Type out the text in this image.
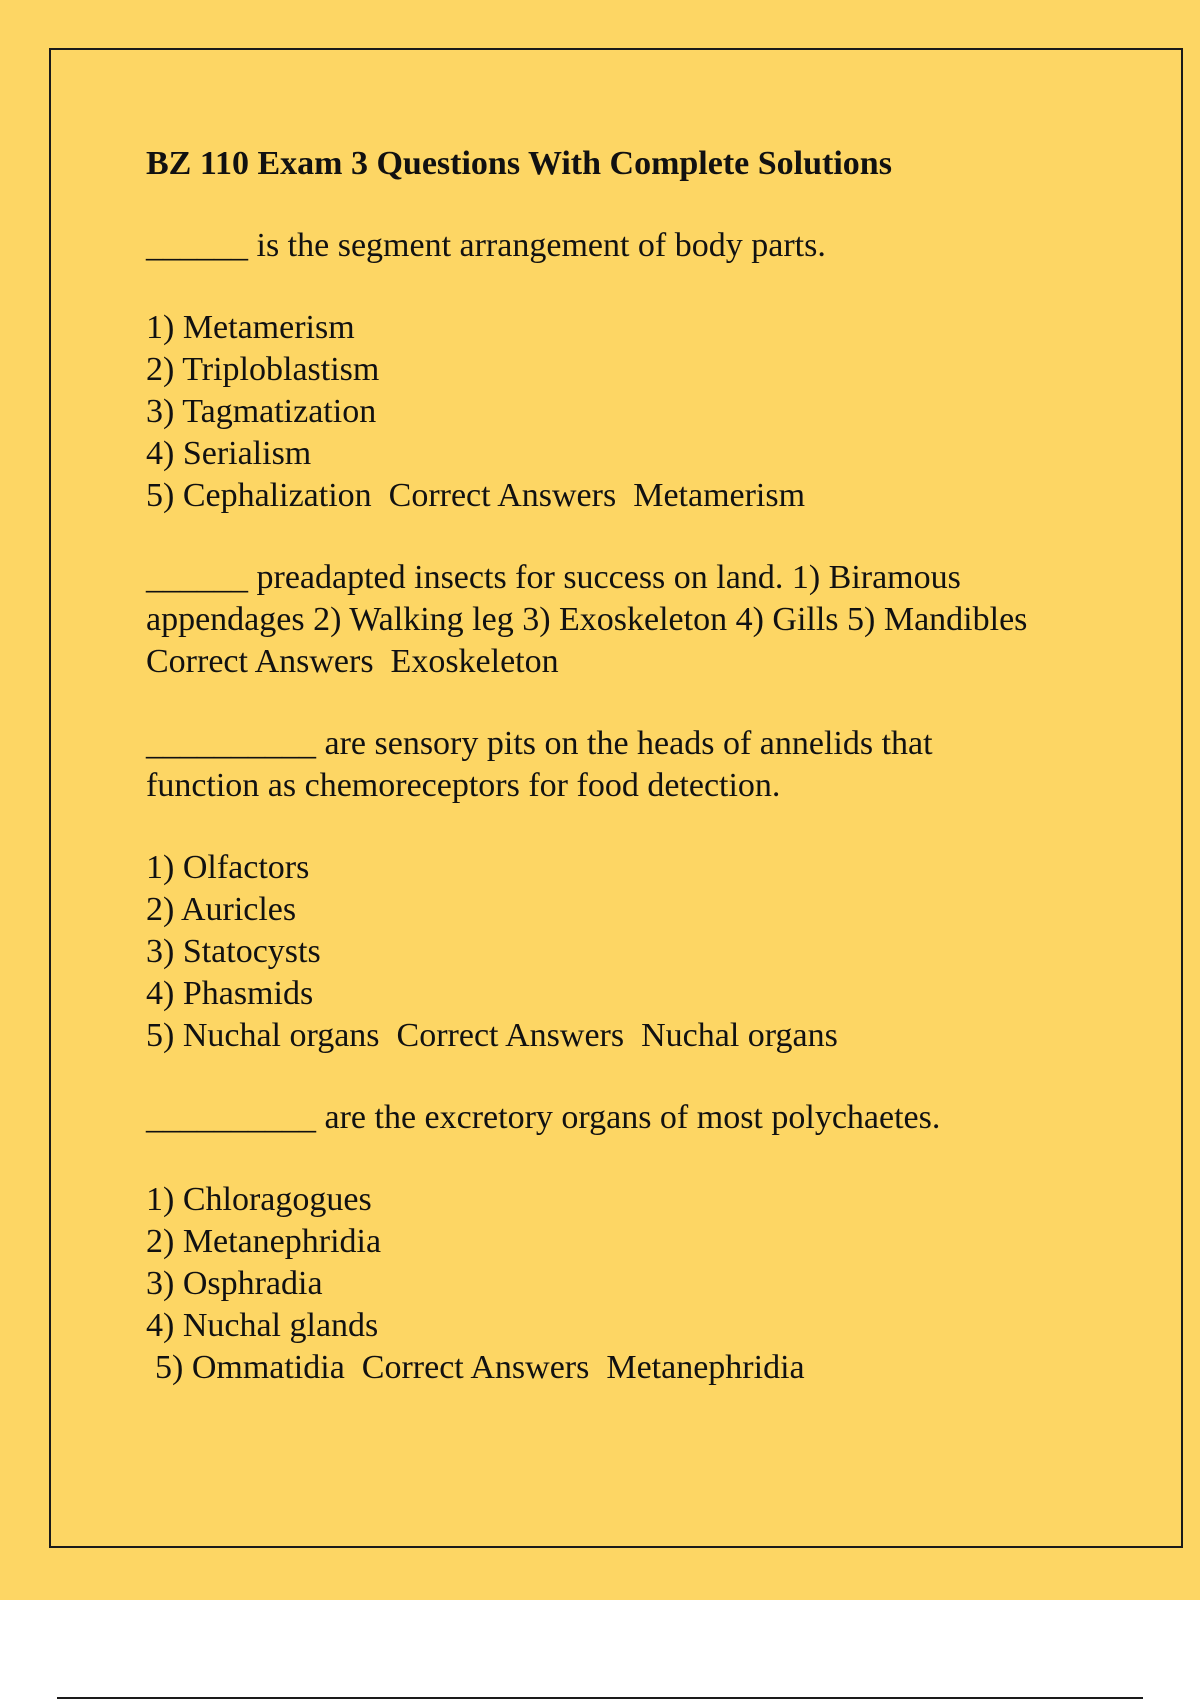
BZ 110 Exam 3 Questions With Complete Solutions

______ is the segment arrangement of body parts.

1) Metamerism
2) Triploblastism
3) Tagmatization
4) Serialism
5) Cephalization  Correct Answers  Metamerism

______ preadapted insects for success on land. 1) Biramous appendages 2) Walking leg 3) Exoskeleton 4) Gills 5) Mandibles  Correct Answers  Exoskeleton

__________ are sensory pits on the heads of annelids that function as chemoreceptors for food detection.

1) Olfactors
2) Auricles
3) Statocysts
4) Phasmids
5) Nuchal organs  Correct Answers  Nuchal organs

__________ are the excretory organs of most polychaetes.

1) Chloragogues
2) Metanephridia
3) Osphradia
4) Nuchal glands
5) Ommatidia  Correct Answers  Metanephridia
